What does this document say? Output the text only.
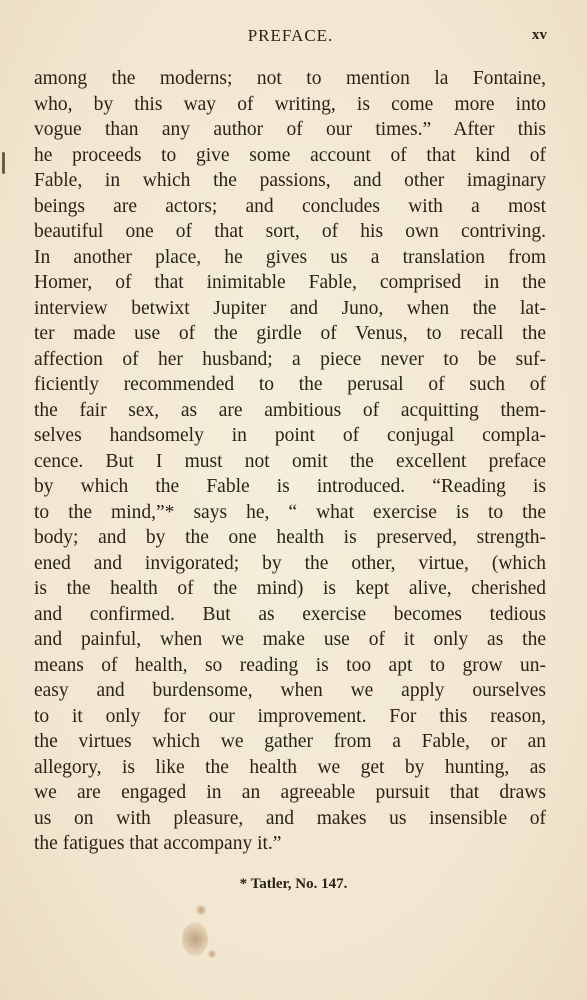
PREFACE.	xv
among the moderns; not to mention la Fontaine,
who, by this way of writing, is come more into
vogue than any author of our times.” After this
he proceeds to give some account of that kind of
Fable, in which the passions, and other imaginary
beings are actors; and concludes with a most
beautiful one of that sort, of his own contriving.
In another place, he gives us a translation from
Homer, of that inimitable Fable, comprised in the
interview betwixt Jupiter and Juno, when the lat-
ter made use of the girdle of Venus, to recall the
affection of her husband; a piece never to be suf-
ficiently recommended to the perusal of such of
the fair sex, as are ambitious of acquitting them-
selves handsomely in point of conjugal compla-
cence. But I must not omit the excellent preface
by which the Fable is introduced. “Reading is
to the mind,”* says he, “ what exercise is to the
body; and by the one health is preserved, strength-
ened and invigorated; by the other, virtue, (which
is the health of the mind) is kept alive, cherished
and confirmed. But as exercise becomes tedious
and painful, when we make use of it only as the
means of health, so reading is too apt to grow un-
easy and burdensome, when we apply ourselves
to it only for our improvement. For this reason,
the virtues which we gather from a Fable, or an
allegory, is like the health we get by hunting, as
we are engaged in an agreeable pursuit that draws
us on with pleasure, and makes us insensible of
the fatigues that accompany it.”
* Tatler, No. 147.
